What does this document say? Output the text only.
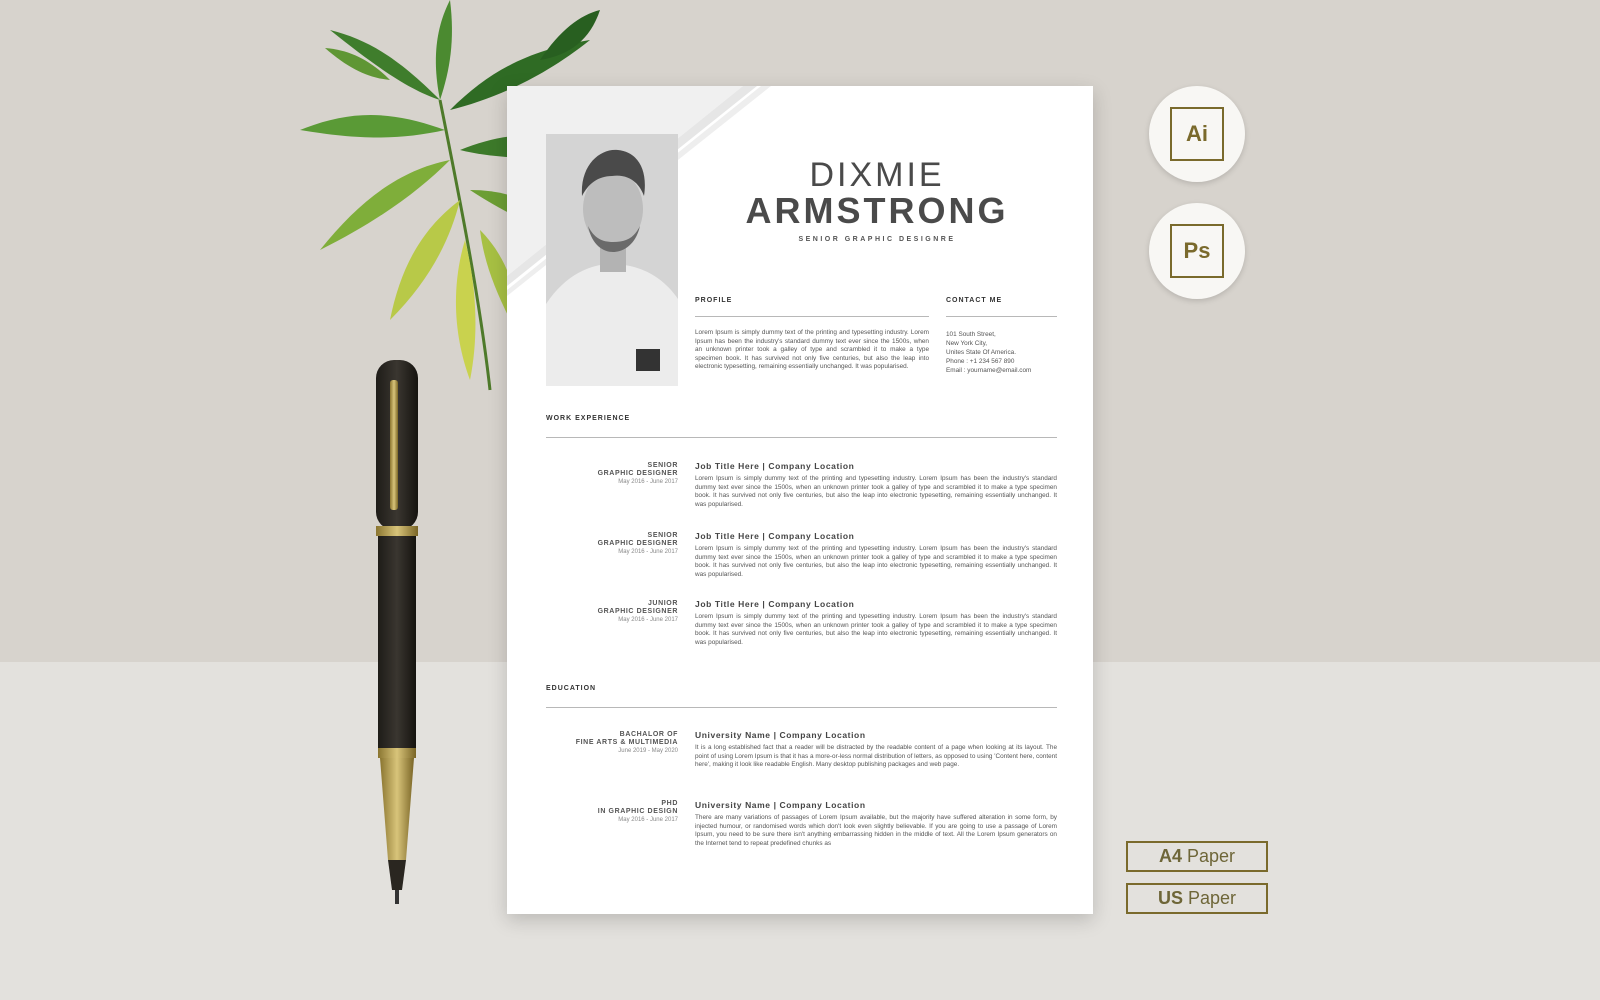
DIXMIE
ARMSTRONG
SENIOR GRAPHIC DESIGNRE
PROFILE
Lorem Ipsum is simply dummy text of the printing and typesetting industry. Lorem Ipsum has been the industry's standard dummy text ever since the 1500s, when an unknown printer took a galley of type and scrambled it to make a type specimen book. It has survived not only five centuries, but also the leap into electronic typesetting, remaining essentially unchanged. It was popularised.
CONTACT ME
101 South Street,
New York City,
Unites State Of America.
Phone : +1 234 567 890
Email : yourname@email.com
WORK EXPERIENCE
SENIOR
GRAPHIC DESIGNER
May 2016 - June 2017
Job Title Here | Company Location
Lorem Ipsum is simply dummy text of the printing and typesetting industry. Lorem Ipsum has been the industry's standard dummy text ever since the 1500s, when an unknown printer took a galley of type and scrambled it to make a type specimen book. It has survived not only five centuries, but also the leap into electronic typesetting, remaining essentially unchanged. It was popularised.
SENIOR
GRAPHIC DESIGNER
May 2016 - June 2017
Job Title Here | Company Location
Lorem Ipsum is simply dummy text of the printing and typesetting industry. Lorem Ipsum has been the industry's standard dummy text ever since the 1500s, when an unknown printer took a galley of type and scrambled it to make a type specimen book. It has survived not only five centuries, but also the leap into electronic typesetting, remaining essentially unchanged. It was popularised.
JUNIOR
GRAPHIC DESIGNER
May 2016 - June 2017
Job Title Here | Company Location
Lorem Ipsum is simply dummy text of the printing and typesetting industry. Lorem Ipsum has been the industry's standard dummy text ever since the 1500s, when an unknown printer took a galley of type and scrambled it to make a type specimen book. It has survived not only five centuries, but also the leap into electronic typesetting, remaining essentially unchanged. It was popularised.
EDUCATION
BACHALOR OF
FINE ARTS & MULTIMEDIA
June 2019 - May 2020
University Name | Company Location
It is a long established fact that a reader will be distracted by the readable content of a page when looking at its layout. The point of using Lorem Ipsum is that it has a more-or-less normal distribution of letters, as opposed to using 'Content here, content here', making it look like readable English. Many desktop publishing packages and web page.
PHD
IN GRAPHIC DESIGN
May 2016 - June 2017
University Name | Company Location
There are many variations of passages of Lorem Ipsum available, but the majority have suffered alteration in some form, by injected humour, or randomised words which don't look even slightly believable. If you are going to use a passage of Lorem Ipsum, you need to be sure there isn't anything embarrassing hidden in the middle of text. All the Lorem Ipsum generators on the Internet tend to repeat predefined chunks as
Ai
Ps
A4 Paper
US Paper
